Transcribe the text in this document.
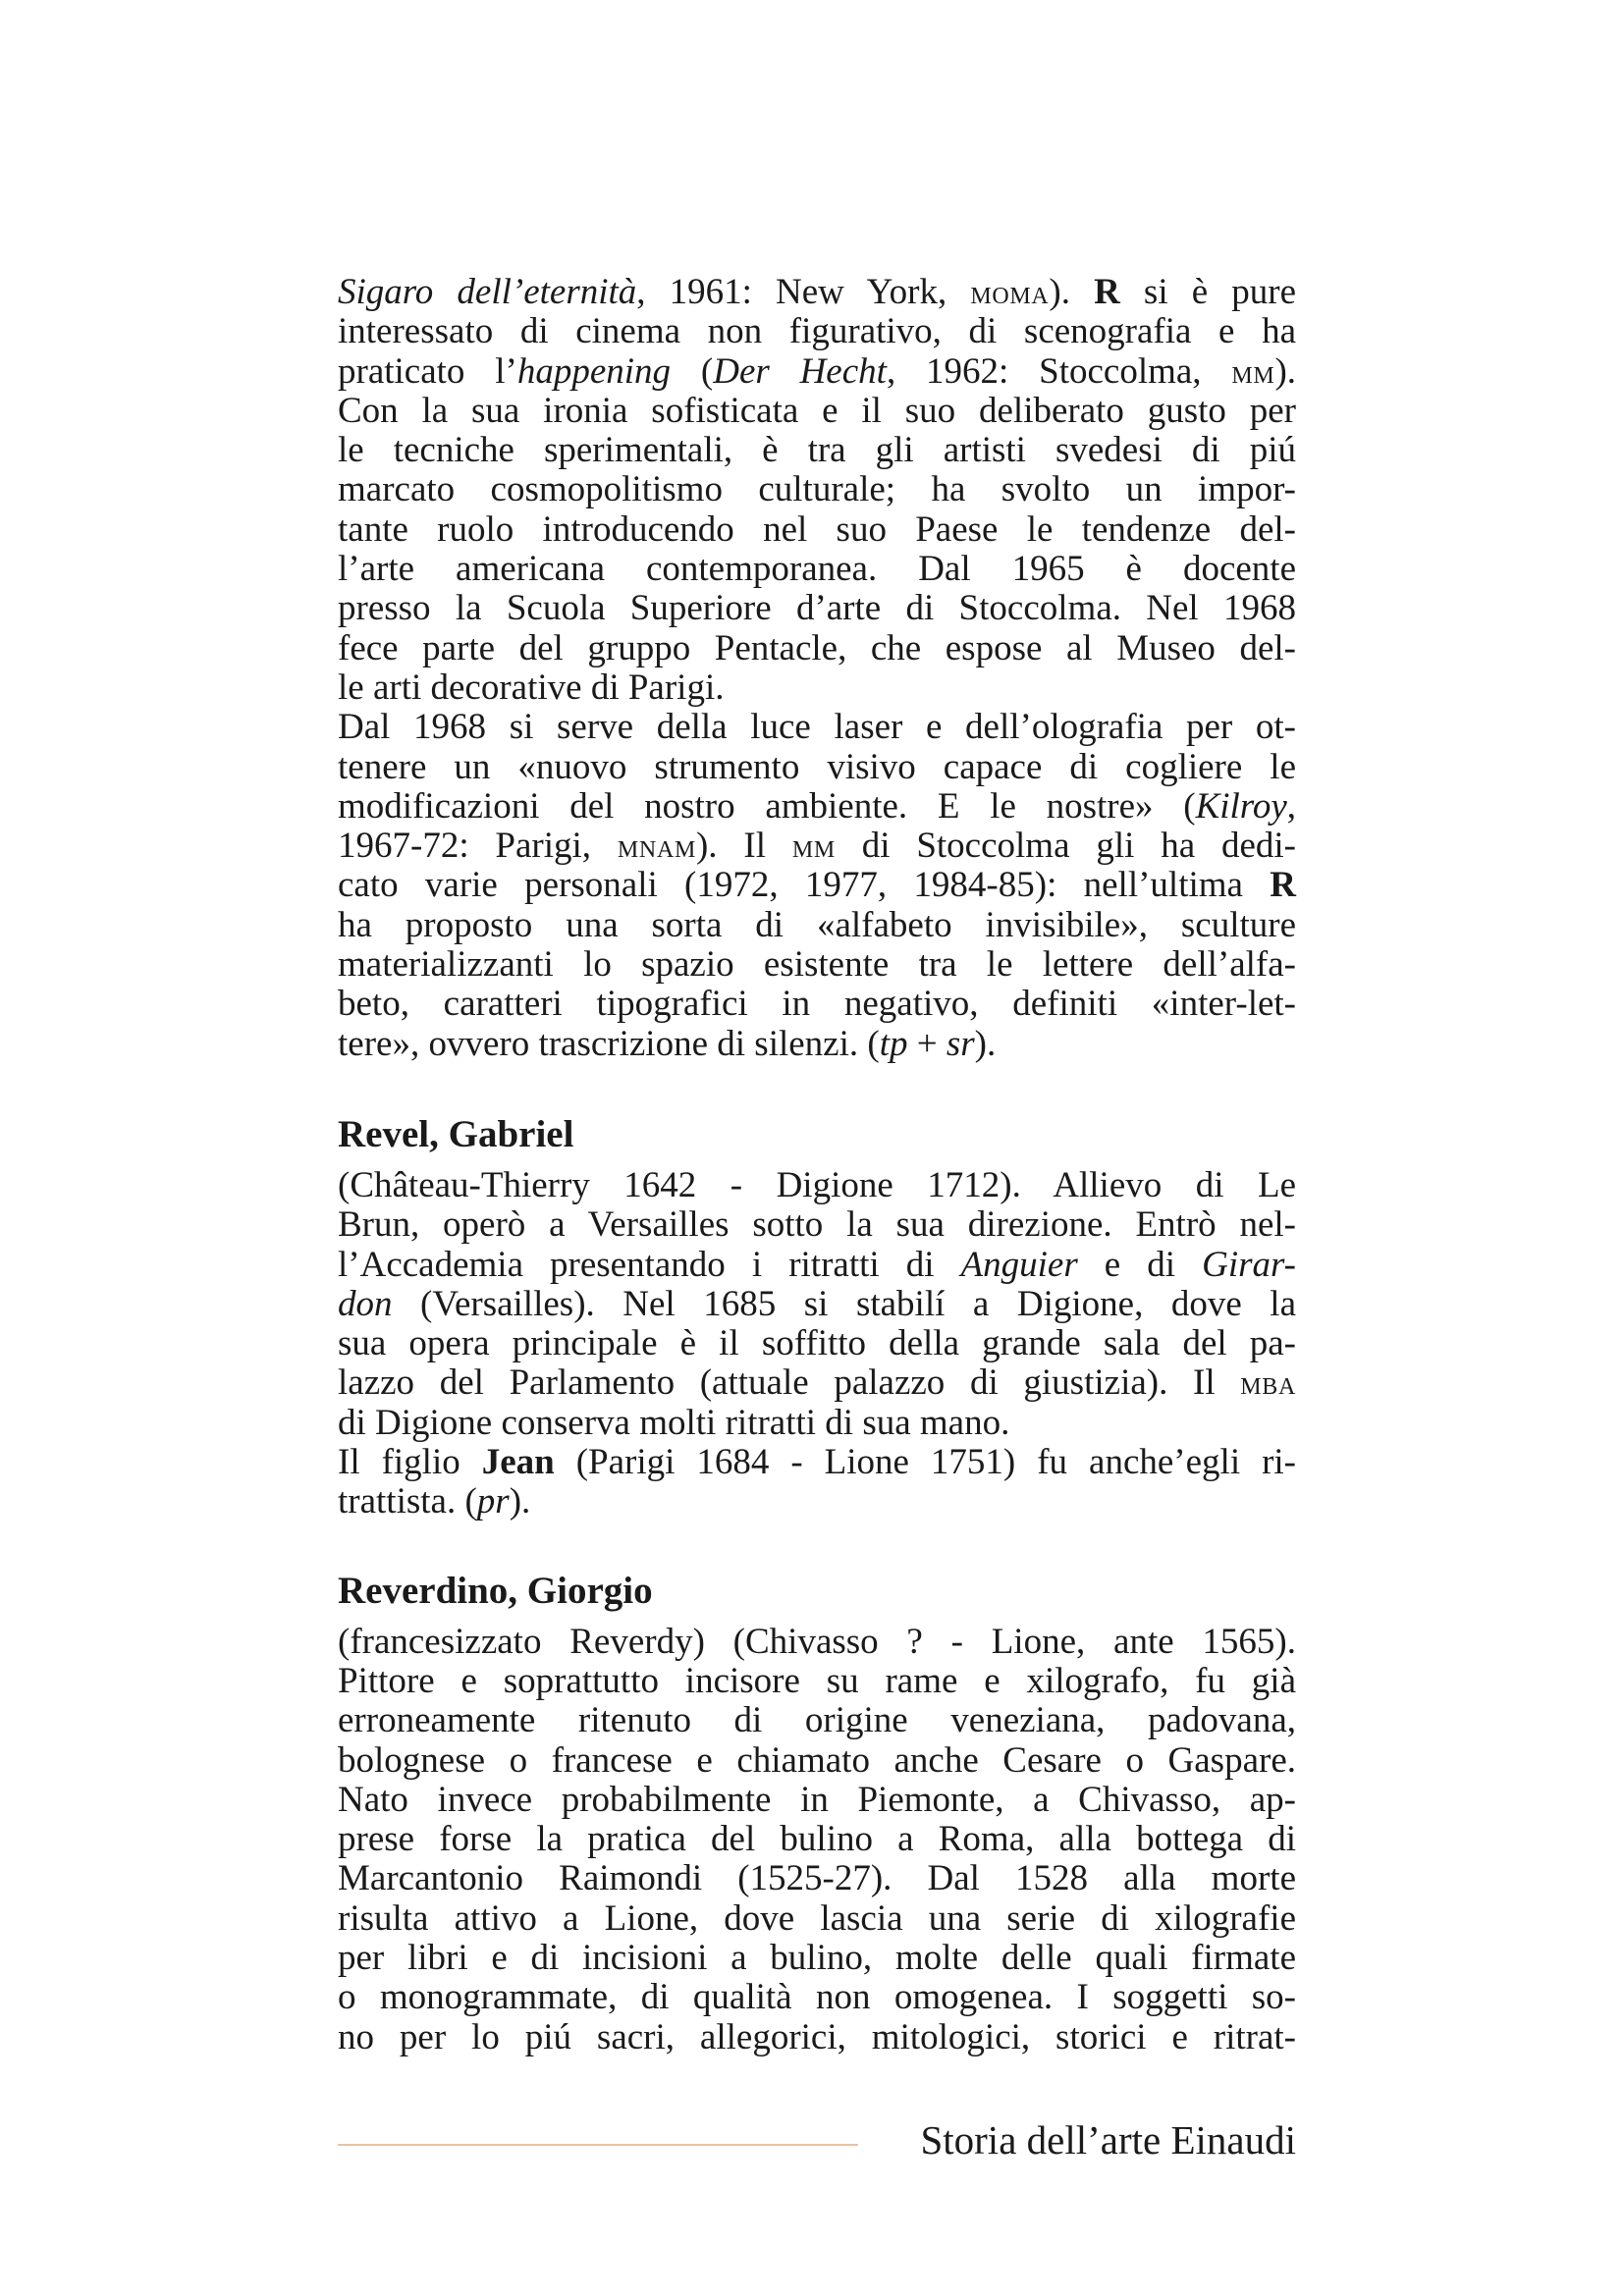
Sigaro dell’eternità, 1961: New York, moma). R si è pure
interessato di cinema non figurativo, di scenografia e ha
praticato l’happening (Der Hecht, 1962: Stoccolma, mm).
Con la sua ironia sofisticata e il suo deliberato gusto per
le tecniche sperimentali, è tra gli artisti svedesi di piú
marcato cosmopolitismo culturale; ha svolto un impor-
tante ruolo introducendo nel suo Paese le tendenze del-
l’arte americana contemporanea. Dal 1965 è docente
presso la Scuola Superiore d’arte di Stoccolma. Nel 1968
fece parte del gruppo Pentacle, che espose al Museo del-
le arti decorative di Parigi.
Dal 1968 si serve della luce laser e dell’olografia per ot-
tenere un «nuovo strumento visivo capace di cogliere le
modificazioni del nostro ambiente. E le nostre» (Kilroy,
1967-72: Parigi, mnam). Il mm di Stoccolma gli ha dedi-
cato varie personali (1972, 1977, 1984-85): nell’ultima R
ha proposto una sorta di «alfabeto invisibile», sculture
materializzanti lo spazio esistente tra le lettere dell’alfa-
beto, caratteri tipografici in negativo, definiti «inter-let-
tere», ovvero trascrizione di silenzi. (tp + sr).
Revel, Gabriel
(Château-Thierry 1642 - Digione 1712). Allievo di Le
Brun, operò a Versailles sotto la sua direzione. Entrò nel-
l’Accademia presentando i ritratti di Anguier e di Girar-
don (Versailles). Nel 1685 si stabilí a Digione, dove la
sua opera principale è il soffitto della grande sala del pa-
lazzo del Parlamento (attuale palazzo di giustizia). Il mba
di Digione conserva molti ritratti di sua mano.
Il figlio Jean (Parigi 1684 - Lione 1751) fu anche’egli ri-
trattista. (pr).
Reverdino, Giorgio
(francesizzato Reverdy) (Chivasso ? - Lione, ante 1565).
Pittore e soprattutto incisore su rame e xilografo, fu già
erroneamente ritenuto di origine veneziana, padovana,
bolognese o francese e chiamato anche Cesare o Gaspare.
Nato invece probabilmente in Piemonte, a Chivasso, ap-
prese forse la pratica del bulino a Roma, alla bottega di
Marcantonio Raimondi (1525-27). Dal 1528 alla morte
risulta attivo a Lione, dove lascia una serie di xilografie
per libri e di incisioni a bulino, molte delle quali firmate
o monogrammate, di qualità non omogenea. I soggetti so-
no per lo piú sacri, allegorici, mitologici, storici e ritrat-
Storia dell’arte Einaudi
